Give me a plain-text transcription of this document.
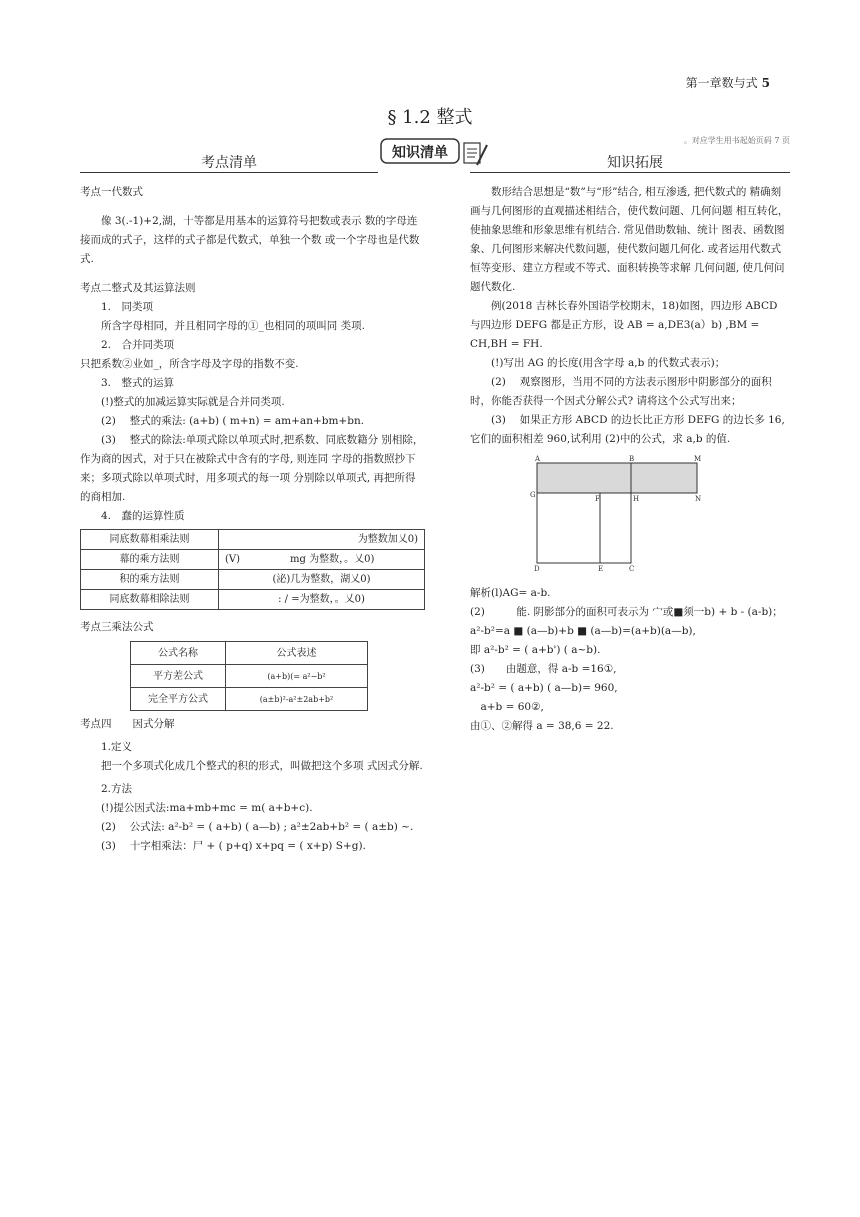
第一章数与式 5
§ 1.2 整式
。对应学生用书起始页码 7 页
考点清单	知识拓展
知识清单

考点一代数式

像 3(.-1)+2,湖，十等都是用基本的运算符号把数或表示 数的字母连接而成的式子，这样的式子都是代数式，单独一个数 或一个字母也是代数式.

考点二整式及其运算法则

1.　同类项

所含字母相同，并且相同字母的①_也相同的项叫同 类项.

2.　合并同类项

只把系数②业如_，所含字母及字母的指数不变.

3.　整式的运算

(!)整式的加减运算实际就是合并同类项.

(2)　 整式的乘法: (a+b) ( m+n) = am+an+bm+bn.

(3)　 整式的除法:单项式除以单项式时,把系数、同底数籍分 别相除，作为商的因式，对于只在被除式中含有的字母, 则连同 字母的指数照抄下来；多项式除以单项式时，用多项式的每一项 分别除以单项式, 再把所得的商相加.

4.　蠢的运算性质

同底数幕相乘法则	为整数加乂0)
幕的乘方法则	(V)　　　　　mg 为整数，。乂0)
积的乘方法则	(泌)几为整数，湖乂0)
同底数幕相除法则	: / =为整数，。乂0)

考点三乘法公式

公式名称	公式表述
平方差公式	(a+b)(= a²−b²
完全平方公式	(a±b)²-a²±2ab+b²

考点四　　因式分解

1.定义

把一个多项式化成几个整式的积的形式，叫做把这个多项 式因式分解.

2.方法

(!)提公因式法:ma+mb+mc = m( a+b+c).

(2)　 公式法: a²-b² = ( a+b) ( a—b) ; a²±2ab+b² = ( a±b) ~.

(3)　 十字相乘法：尸 + ( p+q) x+pq = ( x+p) S+g).

数形结合思想是“数”与“形”结合, 相互渗透, 把代数式的 精确刻画与几何图形的直观描述相结合，使代数问题、几何问题 相互转化，使抽象思维和形象思维有机结合. 常见借助数轴、统计 图表、函数图象、几何图形来解决代数问题，使代数问题几何化. 或者运用代数式恒等变形、建立方程或不等式、面积转换等求解 几何问题, 使几何问题代数化.

例(2018 吉林长春外国语学校期末，18)如图，四边形 ABCD 与四边形 DEFG 都是正方形，设 AB = a,DE3(a）b) ,BM = CH,BH = FH.

(!)写出 AG 的长度(用含字母 a,b 的代数式表示)；

(2)　 观察图形，当用不同的方法表示图形中阴影部分的面积 时，你能否获得一个因式分解公式? 请将这个公式写出来；

(3)　 如果正方形 ABCD 的边长比正方形 DEFG 的边长多 16, 它们的面积相差 960,试利用 (2)中的公式，求 a,b 的值.

A	B	M
G	F	H	N
D	E	C

解析(l)AG= a-b.

(2)　　　能. 阴影部分的面积可表示为 宀或■须一b) + b - (a-b)；

a²-b²=a ■ (a—b)+b ■ (a—b)=(a+b)(a—b),

即 a²-b² = ( a+b') ( a~b).

(3)　　由题意，得 a-b =16①,

a²-b² = ( a+b) ( a—b)= 960,

a+b = 60②,

由①、②解得 a = 38,6 = 22.
